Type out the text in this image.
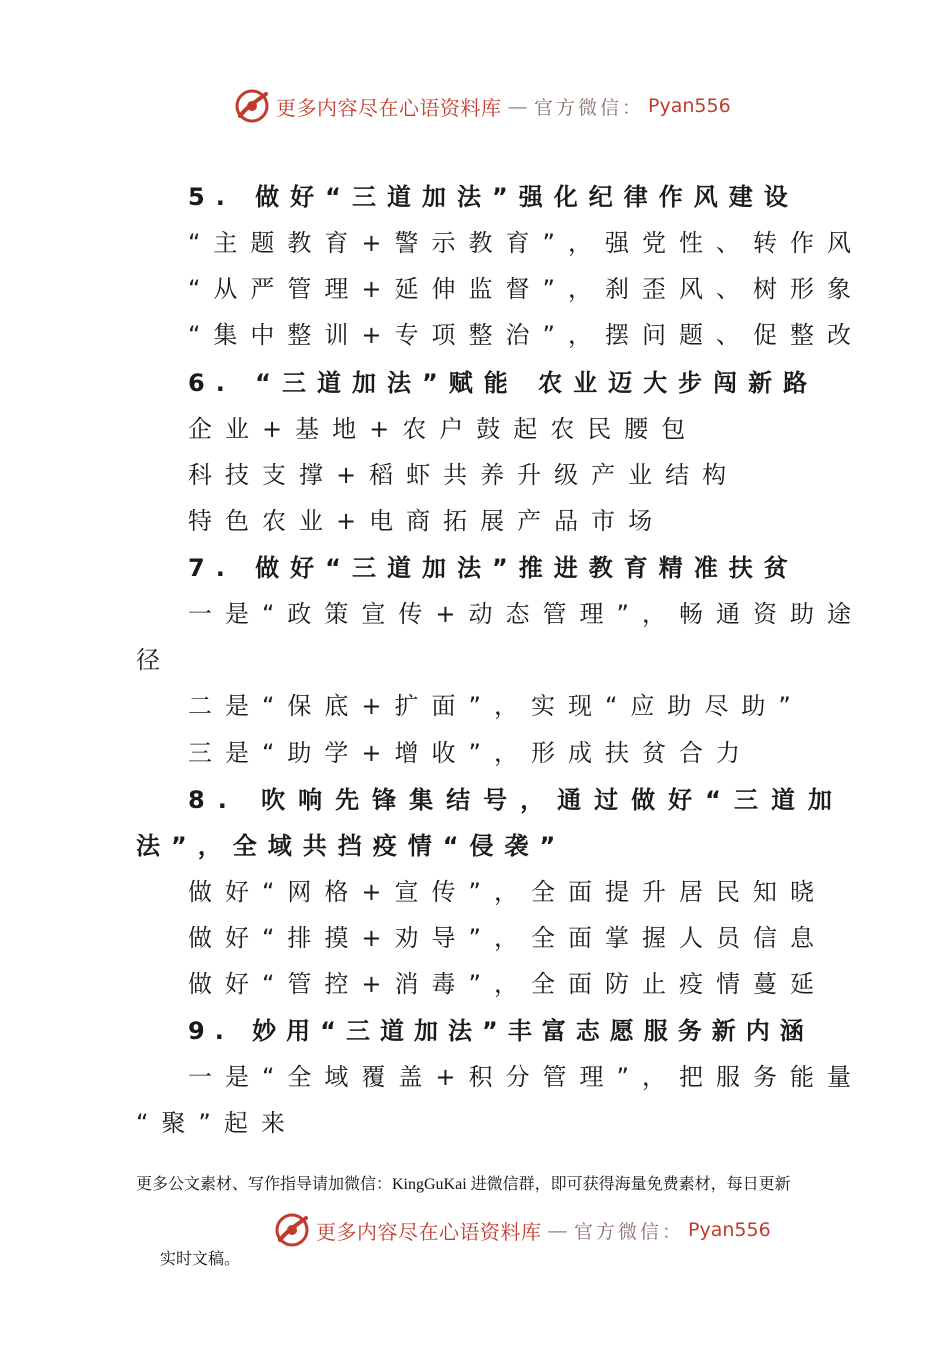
更多内容尽在心语资料库 — 官方微信： Pyan556
5. 做好“三道加法”强化纪律作风建设
“主题教育+警示教育”，强党性、转作风
“从严管理+延伸监督”，刹歪风、树形象
“集中整训+专项整治”，摆问题、促整改
6. “三道加法”赋能 农业迈大步闯新路
企业+基地+农户鼓起农民腰包
科技支撑+稻虾共养升级产业结构
特色农业+电商拓展产品市场
7. 做好“三道加法”推进教育精准扶贫
一是“政策宣传+动态管理”，畅通资助途
径
二是“保底+扩面”，实现“应助尽助”
三是“助学+增收”，形成扶贫合力
8. 吹响先锋集结号，通过做好“三道加
法”，全域共挡疫情“侵袭”
做好“网格+宣传”，全面提升居民知晓
做好“排摸+劝导”，全面掌握人员信息
做好“管控+消毒”，全面防止疫情蔓延
9. 妙用“三道加法”丰富志愿服务新内涵
一是“全域覆盖+积分管理”，把服务能量
“聚”起来
更多公文素材、写作指导请加微信：KingGuKai 进微信群，即可获得海量免费素材，每日更新
更多内容尽在心语资料库 — 官方微信： Pyan556
实时文稿。
